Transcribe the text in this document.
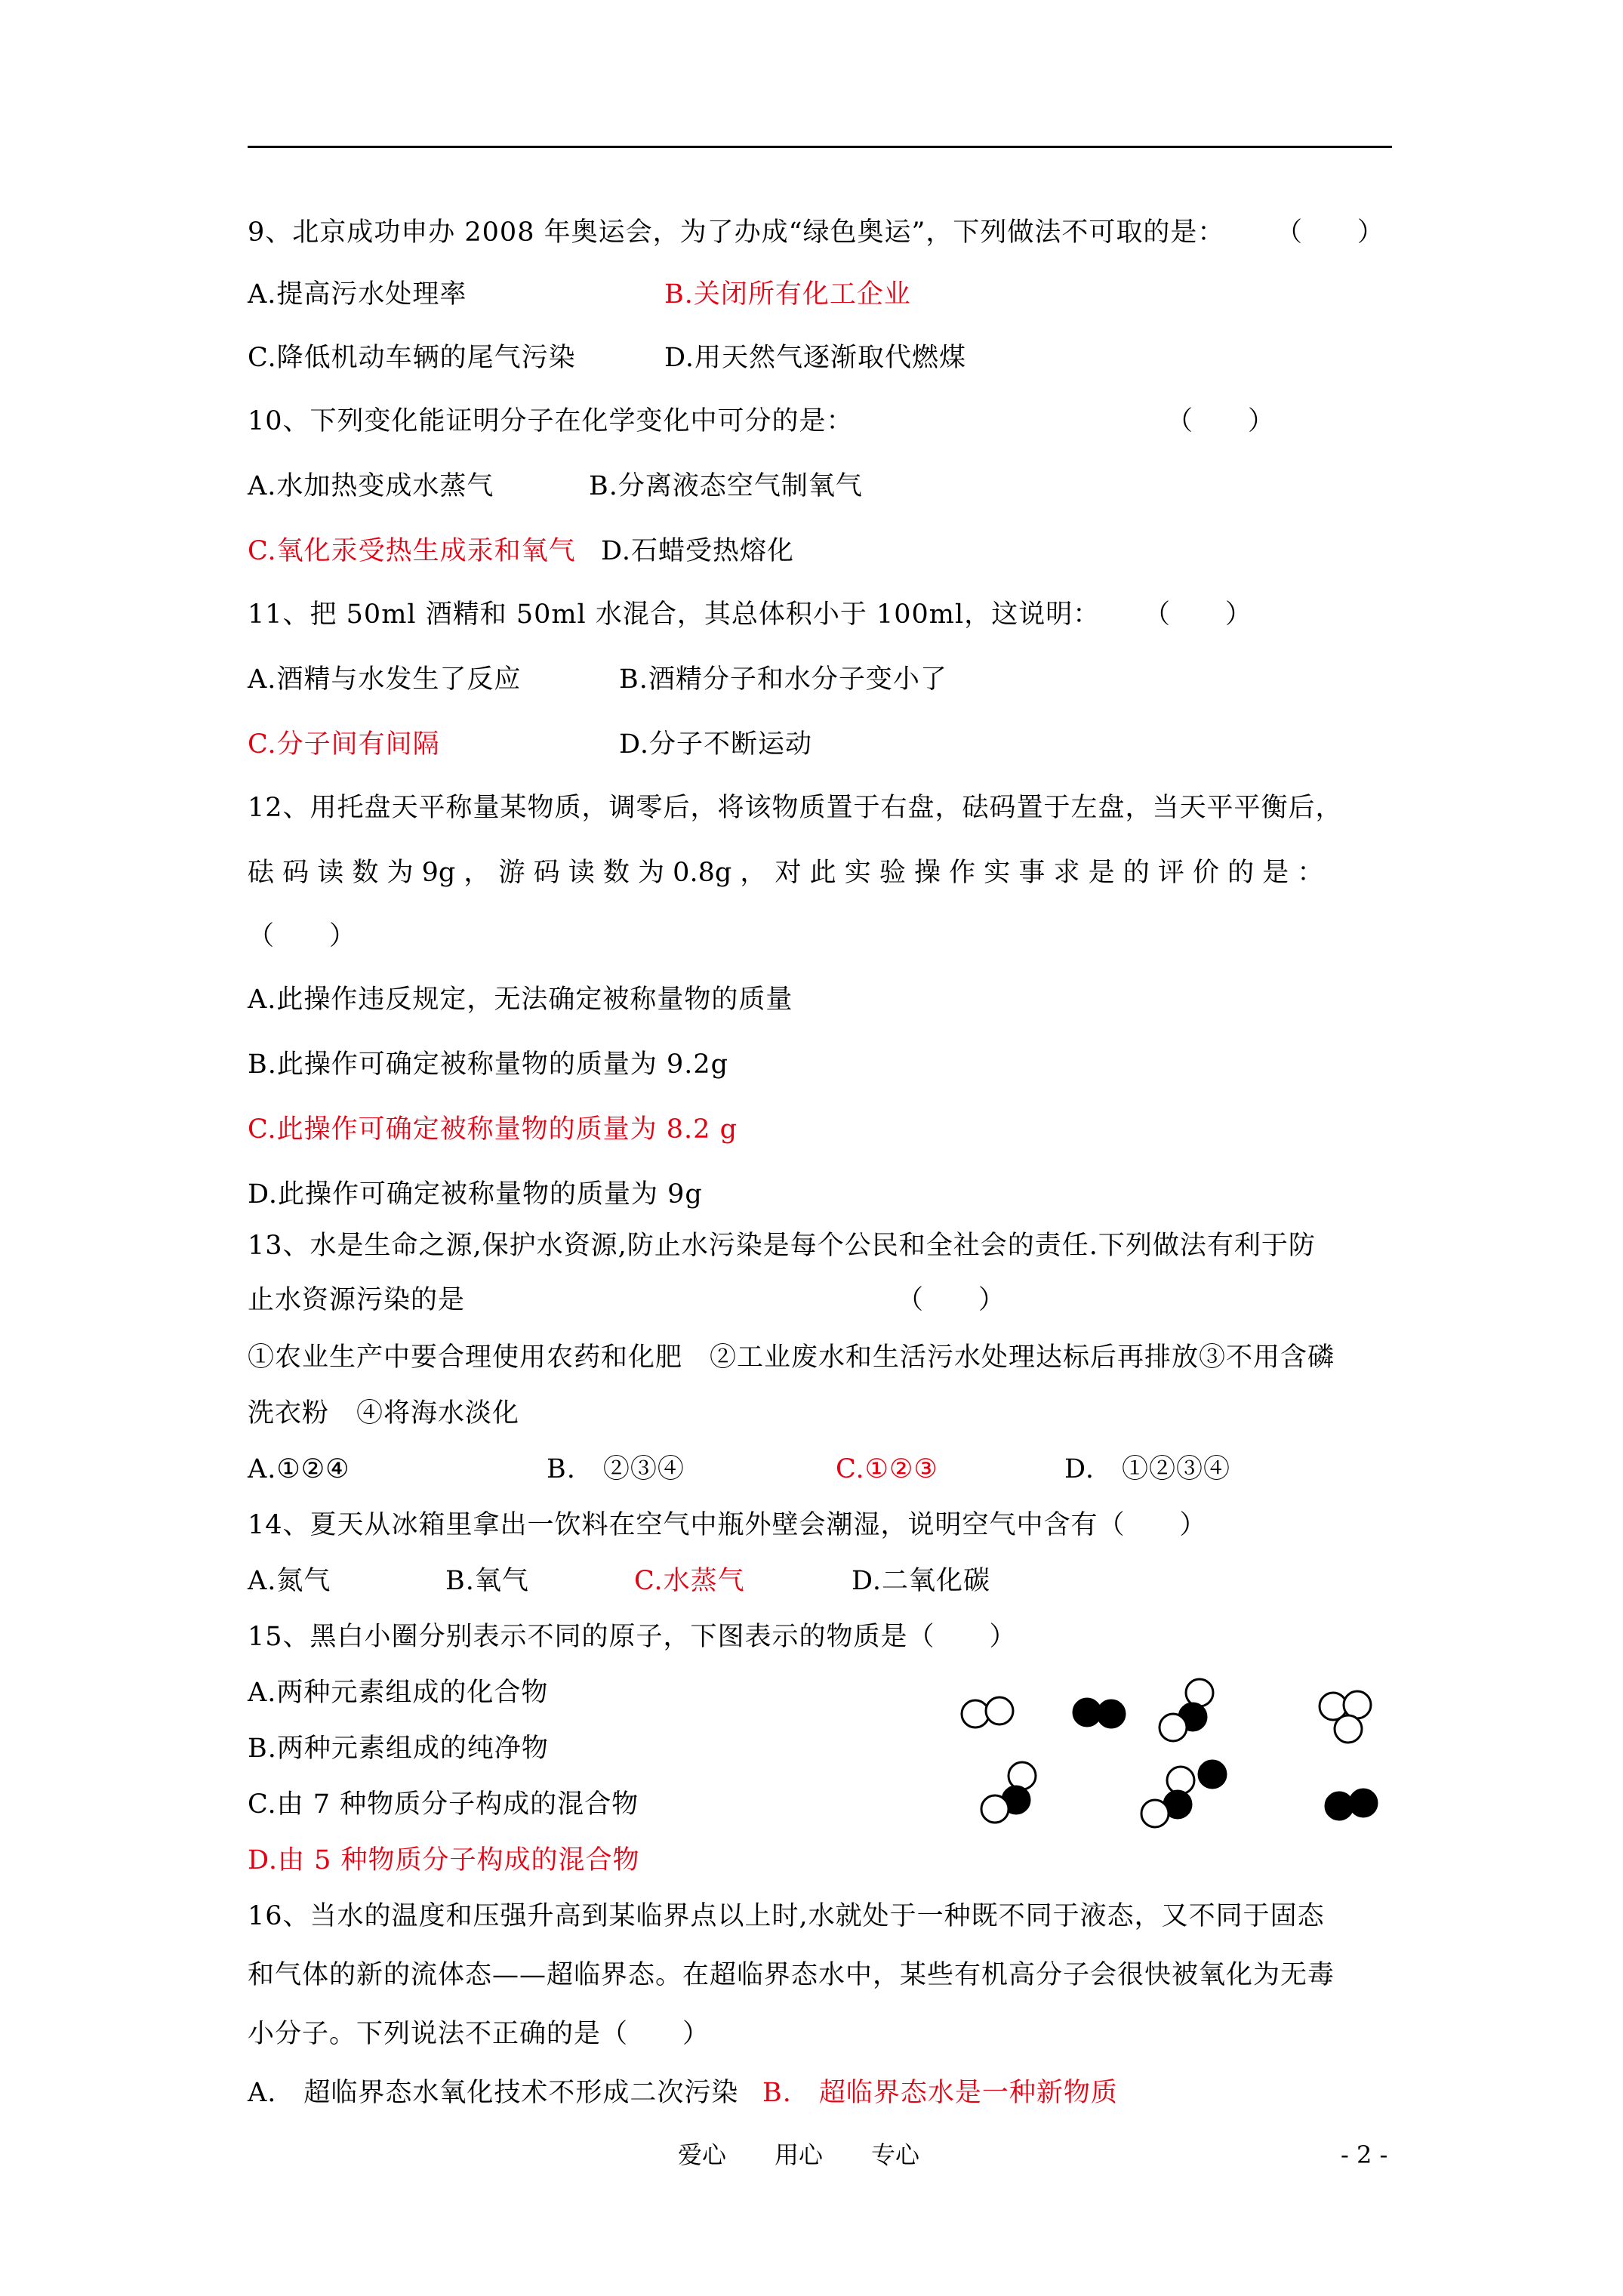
9、北京成功申办 2008 年奥运会，为了办成“绿色奥运”，下列做法不可取的是： （　　）
A.提高污水处理率	B.关闭所有化工企业
C.降低机动车辆的尾气污染	D.用天然气逐渐取代燃煤
10、下列变化能证明分子在化学变化中可分的是：	（　　）
A.水加热变成水蒸气	B.分离液态空气制氧气
C.氧化汞受热生成汞和氧气 D.石蜡受热熔化
11、把 50ml 酒精和 50ml 水混合，其总体积小于 100ml，这说明： （　　）
A.酒精与水发生了反应	B.酒精分子和水分子变小了
C.分子间有间隔	D.分子不断运动
12、用托盘天平称量某物质，调零后，将该物质置于右盘，砝码置于左盘，当天平平衡后，
砝 码 读 数 为 9g ， 游 码 读 数 为 0.8g ， 对 此 实 验 操 作 实 事 求 是 的 评 价 的 是 ：
（　　）
A.此操作违反规定，无法确定被称量物的质量
B.此操作可确定被称量物的质量为 9.2g
C.此操作可确定被称量物的质量为 8.2 g
D.此操作可确定被称量物的质量为 9g
13、水是生命之源,保护水资源,防止水污染是每个公民和全社会的责任.下列做法有利于防
止水资源污染的是	（　　）
①农业生产中要合理使用农药和化肥　②工业废水和生活污水处理达标后再排放③不用含磷
洗衣粉　④将海水淡化
A.①②④	B.　②③④	C.①②③	D.　①②③④
14、夏天从冰箱里拿出一饮料在空气中瓶外壁会潮湿，说明空气中含有（　　）
A.氮气	B.氧气	C.水蒸气	D.二氧化碳
15、黑白小圈分别表示不同的原子，下图表示的物质是（　　）
A.两种元素组成的化合物
B.两种元素组成的纯净物
C.由 7 种物质分子构成的混合物
D.由 5 种物质分子构成的混合物
16、当水的温度和压强升高到某临界点以上时,水就处于一种既不同于液态，又不同于固态
和气体的新的流体态——超临界态。在超临界态水中，某些有机高分子会很快被氧化为无毒
小分子。下列说法不正确的是（　　）
A.　超临界态水氧化技术不形成二次污染 B.　超临界态水是一种新物质
爱心　　用心　　专心	- 2 -
